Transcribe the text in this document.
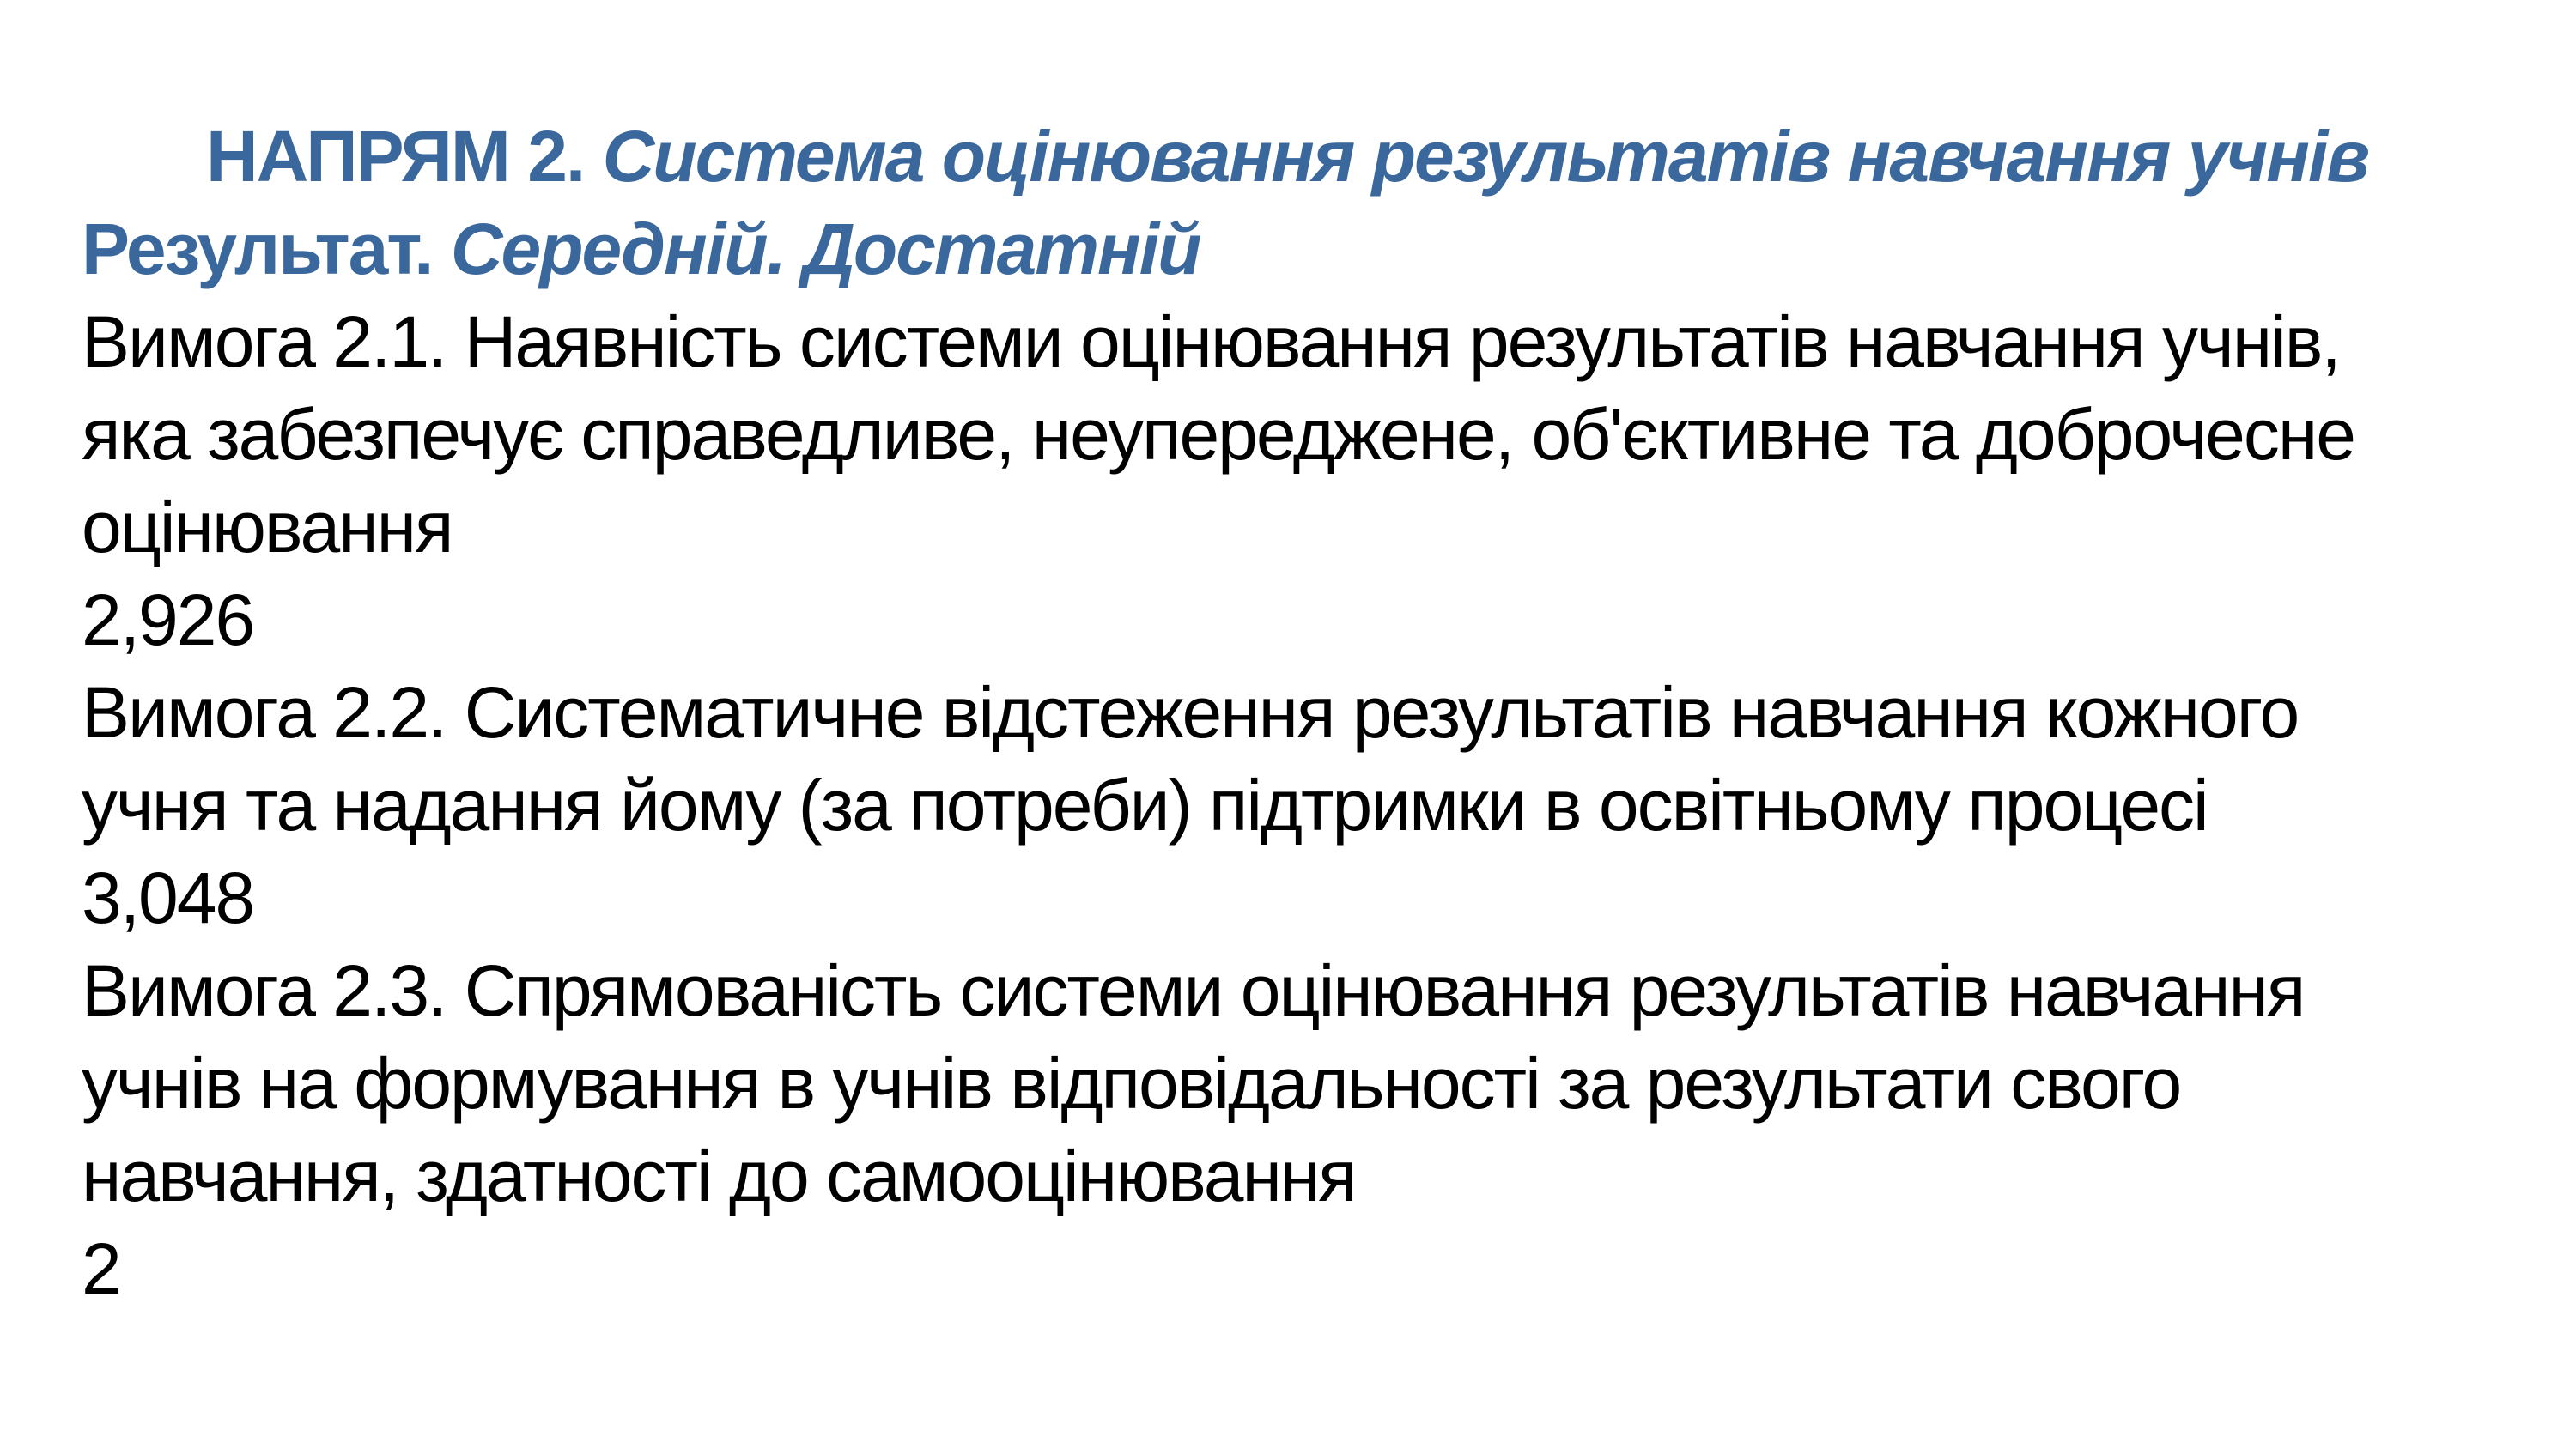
НАПРЯМ 2. Система оцінювання результатів навчання учнів
Результат. Середній. Достатній
Вимога 2.1. Наявність системи оцінювання результатів навчання учнів,
яка забезпечує справедливе, неупереджене, об'єктивне та доброчесне
оцінювання
2,926
Вимога 2.2. Систематичне відстеження результатів навчання кожного
учня та надання йому (за потреби) підтримки в освітньому процесі
3,048
Вимога 2.3. Спрямованість системи оцінювання результатів навчання
учнів на формування в учнів відповідальності за результати свого
навчання, здатності до самооцінювання
2
